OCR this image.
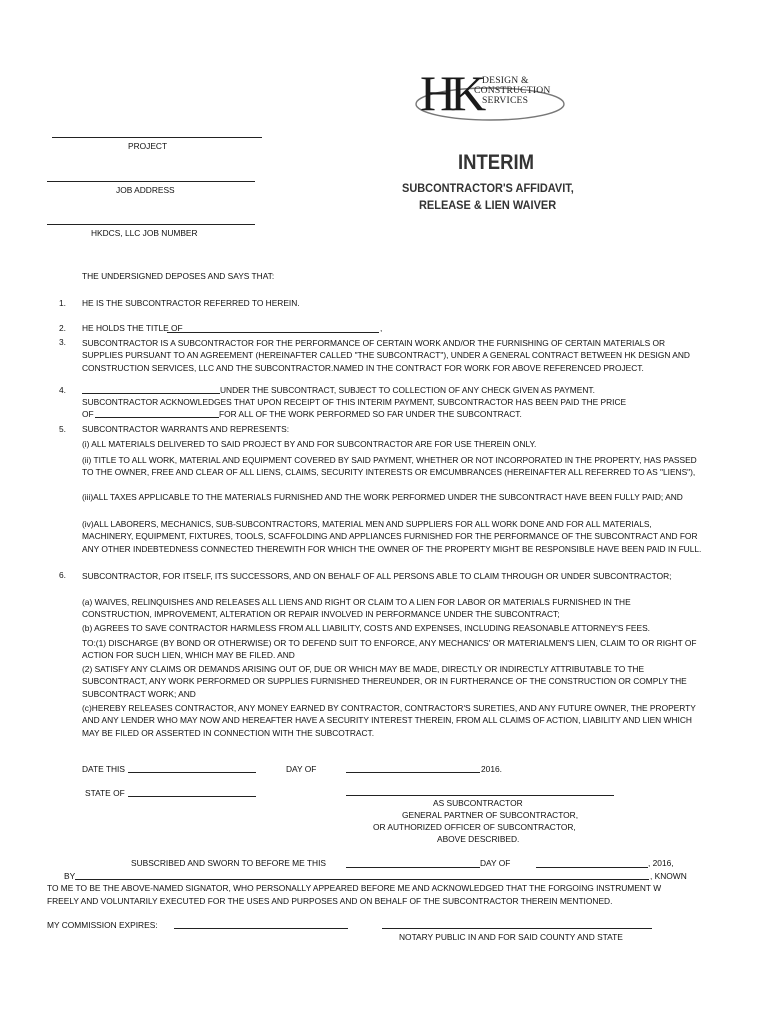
HK DESIGN &
CONSTRUCTION
SERVICES
PROJECT
JOB ADDRESS
HKDCS, LLC JOB NUMBER
INTERIM
SUBCONTRACTOR'S AFFIDAVIT,
RELEASE & LIEN WAIVER
THE UNDERSIGNED DEPOSES AND SAYS THAT:
1. HE IS THE SUBCONTRACTOR REFERRED TO HEREIN.
2. HE HOLDS THE TITLE OF	,
3. SUBCONTRACTOR IS A SUBCONTRACTOR FOR THE PERFORMANCE OF CERTAIN WORK AND/OR THE FURNISHING OF CERTAIN MATERIALS OR SUPPLIES PURSUANT TO AN AGREEMENT (HEREINAFTER CALLED "THE SUBCONTRACT"), UNDER A GENERAL CONTRACT BETWEEN HK DESIGN AND CONSTRUCTION SERVICES, LLC AND THE SUBCONTRACTOR.NAMED IN THE CONTRACT FOR WORK FOR ABOVE REFERENCED PROJECT.
4.	UNDER THE SUBCONTRACT, SUBJECT TO COLLECTION OF ANY CHECK GIVEN AS PAYMENT.
SUBCONTRACTOR ACKNOWLEDGES THAT UPON RECEIPT OF THIS INTERIM PAYMENT, SUBCONTRACTOR HAS BEEN PAID THE PRICE
OF	FOR ALL OF THE WORK PERFORMED SO FAR UNDER THE SUBCONTRACT.
5. SUBCONTRACTOR WARRANTS AND REPRESENTS:
(i) ALL MATERIALS DELIVERED TO SAID PROJECT BY AND FOR SUBCONTRACTOR ARE FOR USE THEREIN ONLY.
(ii) TITLE TO ALL WORK, MATERIAL AND EQUIPMENT COVERED BY SAID PAYMENT, WHETHER OR NOT INCORPORATED IN THE PROPERTY, HAS PASSED TO THE OWNER, FREE AND CLEAR OF ALL LIENS, CLAIMS, SECURITY INTERESTS OR EMCUMBRANCES (HEREINAFTER ALL REFERRED TO AS "LIENS"),
(iii)ALL TAXES APPLICABLE TO THE MATERIALS FURNISHED AND THE WORK PERFORMED UNDER THE SUBCONTRACT HAVE BEEN FULLY PAID; AND
(iv)ALL LABORERS, MECHANICS, SUB-SUBCONTRACTORS, MATERIAL MEN AND SUPPLIERS FOR ALL WORK DONE AND FOR ALL MATERIALS, MACHINERY, EQUIPMENT, FIXTURES, TOOLS, SCAFFOLDING AND APPLIANCES FURNISHED FOR THE PERFORMANCE OF THE SUBCONTRACT AND FOR ANY OTHER INDEBTEDNESS CONNECTED THEREWITH FOR WHICH THE OWNER OF THE PROPERTY MIGHT BE RESPONSIBLE HAVE BEEN PAID IN FULL.
6. SUBCONTRACTOR, FOR ITSELF, ITS SUCCESSORS, AND ON BEHALF OF ALL PERSONS ABLE TO CLAIM THROUGH OR UNDER SUBCONTRACTOR;
(a) WAIVES, RELINQUISHES AND RELEASES ALL LIENS AND RIGHT OR CLAIM TO A LIEN FOR LABOR OR MATERIALS FURNISHED IN THE CONSTRUCTION, IMPROVEMENT, ALTERATION OR REPAIR INVOLVED IN PERFORMANCE UNDER THE SUBCONTRACT;
(b) AGREES TO SAVE CONTRACTOR HARMLESS FROM ALL LIABILITY, COSTS AND EXPENSES, INCLUDING REASONABLE ATTORNEY'S FEES.
TO:(1) DISCHARGE (BY BOND OR OTHERWISE) OR TO DEFEND SUIT TO ENFORCE, ANY MECHANICS' OR MATERIALMEN'S LIEN, CLAIM TO OR RIGHT OF ACTION FOR SUCH LIEN, WHICH MAY BE FILED. AND
(2) SATISFY ANY CLAIMS OR DEMANDS ARISING OUT OF, DUE OR WHICH MAY BE MADE, DIRECTLY OR INDIRECTLY ATTRIBUTABLE TO THE SUBCONTRACT, ANY WORK PERFORMED OR SUPPLIES FURNISHED THEREUNDER, OR IN FURTHERANCE OF THE CONSTRUCTION OR COMPLY THE SUBCONTRACT WORK; AND
(c)HEREBY RELEASES CONTRACTOR, ANY MONEY EARNED BY CONTRACTOR, CONTRACTOR'S SURETIES, AND ANY FUTURE OWNER, THE PROPERTY AND ANY LENDER WHO MAY NOW AND HEREAFTER HAVE A SECURITY INTEREST THEREIN, FROM ALL CLAIMS OF ACTION, LIABILITY AND LIEN WHICH MAY BE FILED OR ASSERTED IN CONNECTION WITH THE SUBCOTRACT.
DATE THIS	DAY OF	2016.
STATE OF
AS SUBCONTRACTOR
GENERAL PARTNER OF SUBCONTRACTOR,
OR AUTHORIZED OFFICER OF SUBCONTRACTOR,
ABOVE DESCRIBED.
SUBSCRIBED AND SWORN TO BEFORE ME THIS	DAY OF	, 2016,
BY	, KNOWN
TO ME TO BE THE ABOVE-NAMED SIGNATOR, WHO PERSONALLY APPEARED BEFORE ME AND ACKNOWLEDGED THAT THE FORGOING INSTRUMENT W
FREELY AND VOLUNTARILY EXECUTED FOR THE USES AND PURPOSES AND ON BEHALF OF THE SUBCONTRACTOR THEREIN MENTIONED.
MY COMMISSION EXPIRES:
NOTARY PUBLIC IN AND FOR SAID COUNTY AND STATE
